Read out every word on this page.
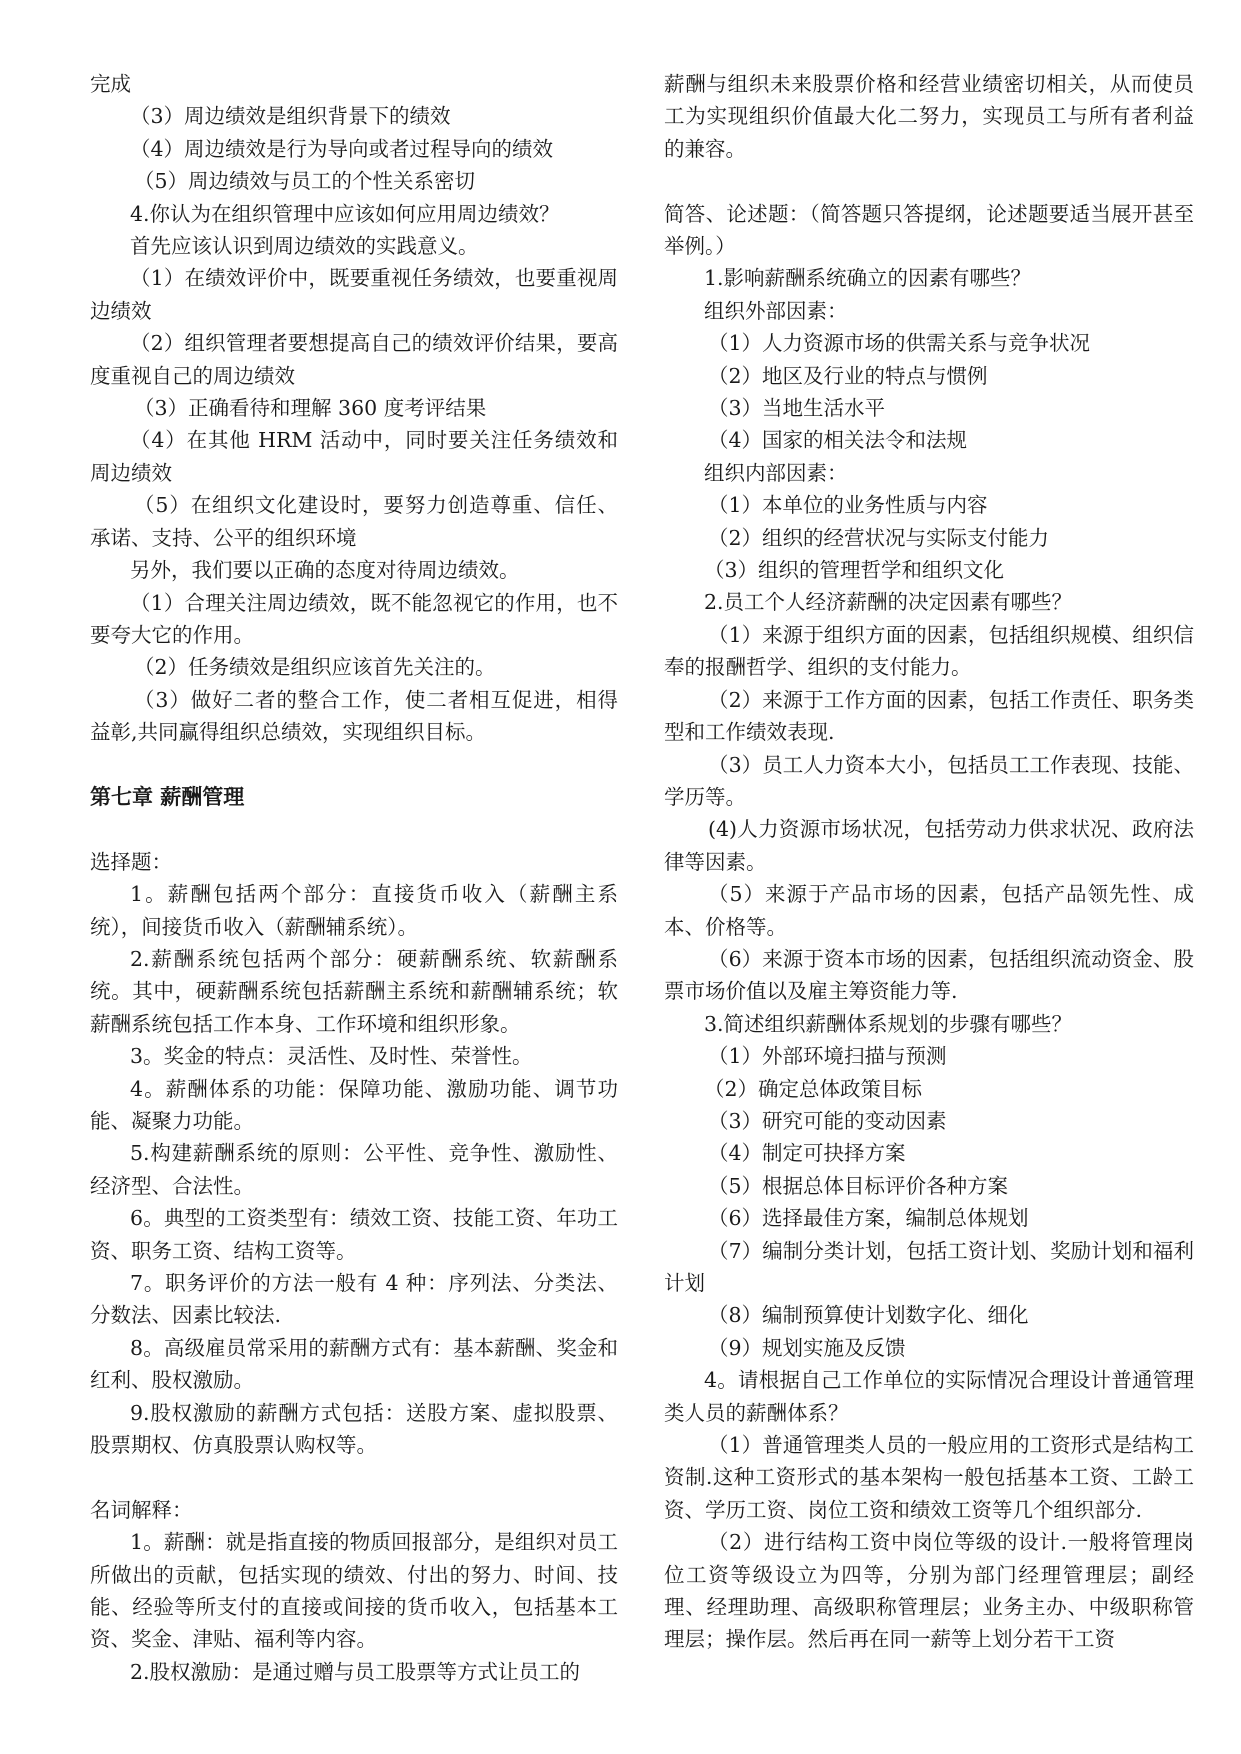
完成

（3）周边绩效是组织背景下的绩效

（4）周边绩效是行为导向或者过程导向的绩效

（5）周边绩效与员工的个性关系密切

4.你认为在组织管理中应该如何应用周边绩效？

首先应该认识到周边绩效的实践意义。

（1）在绩效评价中，既要重视任务绩效，也要重视周边绩效

（2）组织管理者要想提高自己的绩效评价结果，要高度重视自己的周边绩效

（3）正确看待和理解 360 度考评结果

（4）在其他 HRM 活动中，同时要关注任务绩效和周边绩效

（5）在组织文化建设时，要努力创造尊重、信任、承诺、支持、公平的组织环境

另外，我们要以正确的态度对待周边绩效。

（1）合理关注周边绩效，既不能忽视它的作用，也不要夸大它的作用。

（2）任务绩效是组织应该首先关注的。

（3）做好二者的整合工作，使二者相互促进，相得益彰,共同赢得组织总绩效，实现组织目标。

第七章 薪酬管理

选择题：

1。薪酬包括两个部分：直接货币收入（薪酬主系统），间接货币收入（薪酬辅系统）。

2.薪酬系统包括两个部分：硬薪酬系统、软薪酬系统。其中，硬薪酬系统包括薪酬主系统和薪酬辅系统；软薪酬系统包括工作本身、工作环境和组织形象。

3。奖金的特点：灵活性、及时性、荣誉性。

4。薪酬体系的功能：保障功能、激励功能、调节功能、凝聚力功能。

5.构建薪酬系统的原则：公平性、竞争性、激励性、经济型、合法性。

6。典型的工资类型有：绩效工资、技能工资、年功工资、职务工资、结构工资等。

7。职务评价的方法一般有 4 种：序列法、分类法、分数法、因素比较法.

8。高级雇员常采用的薪酬方式有：基本薪酬、奖金和红利、股权激励。

9.股权激励的薪酬方式包括：送股方案、虚拟股票、股票期权、仿真股票认购权等。

名词解释：

1。薪酬：就是指直接的物质回报部分，是组织对员工所做出的贡献，包括实现的绩效、付出的努力、时间、技能、经验等所支付的直接或间接的货币收入，包括基本工资、奖金、津贴、福利等内容。

2.股权激励：是通过赠与员工股票等方式让员工的

薪酬与组织未来股票价格和经营业绩密切相关，从而使员工为实现组织价值最大化二努力，实现员工与所有者利益的兼容。

简答、论述题：（简答题只答提纲，论述题要适当展开甚至举例。）

1.影响薪酬系统确立的因素有哪些？

组织外部因素：

（1）人力资源市场的供需关系与竞争状况

（2）地区及行业的特点与惯例

（3）当地生活水平

（4）国家的相关法令和法规

组织内部因素：

（1）本单位的业务性质与内容

（2）组织的经营状况与实际支付能力

（3）组织的管理哲学和组织文化

2.员工个人经济薪酬的决定因素有哪些？

（1）来源于组织方面的因素，包括组织规模、组织信奉的报酬哲学、组织的支付能力。

（2）来源于工作方面的因素，包括工作责任、职务类型和工作绩效表现.

（3）员工人力资本大小，包括员工工作表现、技能、学历等。

(4)人力资源市场状况，包括劳动力供求状况、政府法律等因素。

（5）来源于产品市场的因素，包括产品领先性、成本、价格等。

（6）来源于资本市场的因素，包括组织流动资金、股票市场价值以及雇主筹资能力等.

3.简述组织薪酬体系规划的步骤有哪些？

（1）外部环境扫描与预测

（2）确定总体政策目标

（3）研究可能的变动因素

（4）制定可抉择方案

（5）根据总体目标评价各种方案

（6）选择最佳方案，编制总体规划

（7）编制分类计划，包括工资计划、奖励计划和福利计划

（8）编制预算使计划数字化、细化

（9）规划实施及反馈

4。请根据自己工作单位的实际情况合理设计普通管理类人员的薪酬体系？

（1）普通管理类人员的一般应用的工资形式是结构工资制.这种工资形式的基本架构一般包括基本工资、工龄工资、学历工资、岗位工资和绩效工资等几个组织部分.

（2）进行结构工资中岗位等级的设计.一般将管理岗位工资等级设立为四等，分别为部门经理管理层；副经理、经理助理、高级职称管理层；业务主办、中级职称管理层；操作层。然后再在同一薪等上划分若干工资
